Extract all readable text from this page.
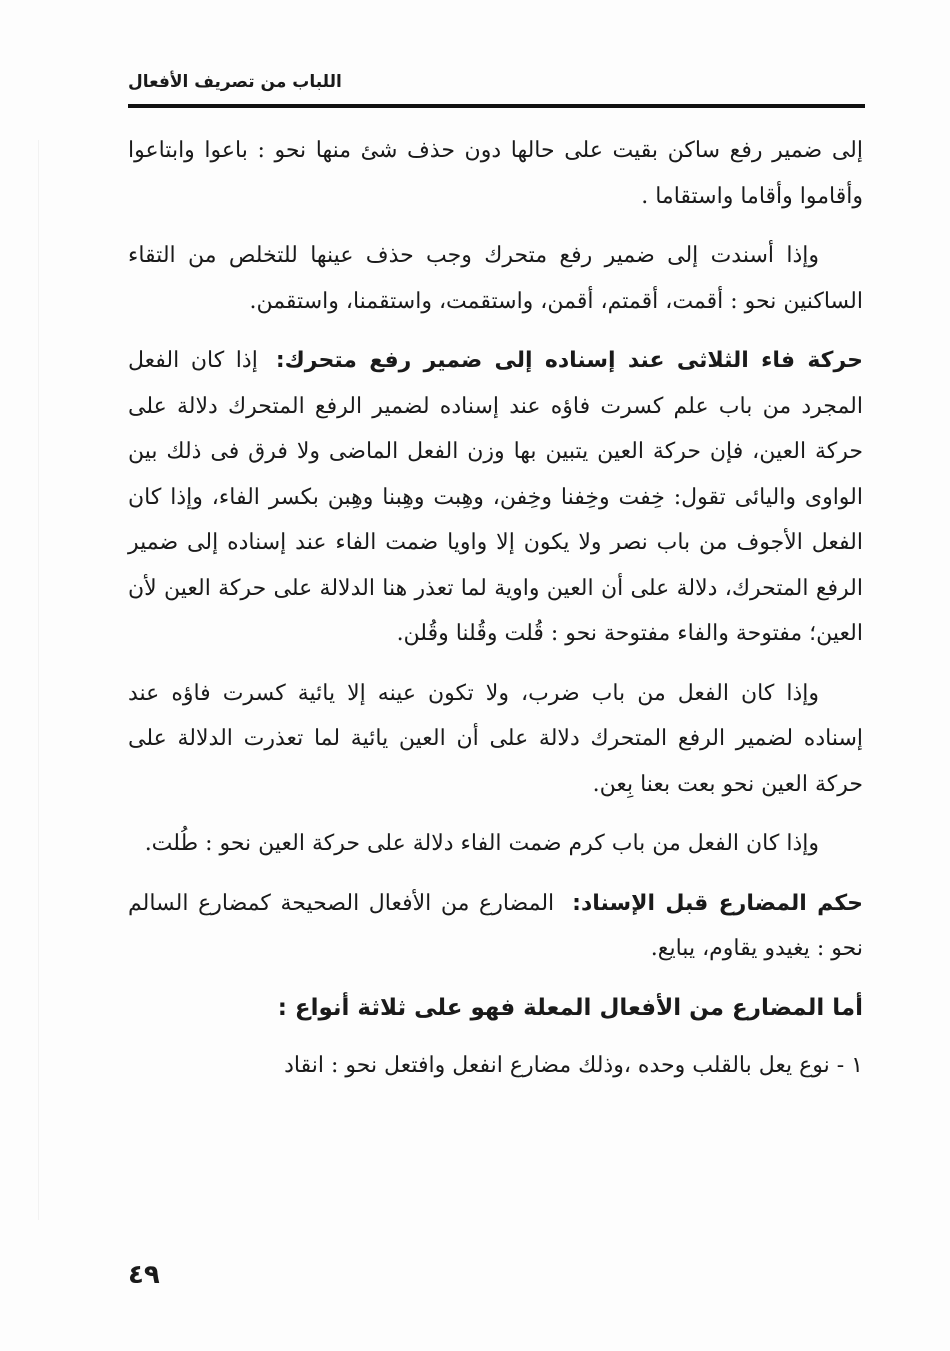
اللباب من تصريف الأفعال

إلى ضمير رفع ساكن بقيت على حالها دون حذف شئ منها نحو : باعوا وابتاعوا وأقاموا وأقاما واستقاما .

وإذا أسندت إلى ضمير رفع متحرك وجب حذف عينها للتخلص من التقاء الساكنين نحو : أقمت، أقمتم، أقمن، واستقمت، واستقمنا، واستقمن.

حركة فاء الثلاثى عند إسناده إلى ضمير رفع متحرك:إذا كان الفعل المجرد من باب علم كسرت فاؤه عند إسناده لضمير الرفع المتحرك دلالة على حركة العين، فإن حركة العين يتبين بها وزن الفعل الماضى ولا فرق فى ذلك بين الواوى واليائى تقول: خِفت وخِفنا وخِفن، وهِبت وهِبنا وهِبن بكسر الفاء، وإذا كان الفعل الأجوف من باب نصر ولا يكون إلا واويا ضمت الفاء عند إسناده إلى ضمير الرفع المتحرك، دلالة على أن العين واوية لما تعذر هنا الدلالة على حركة العين لأن العين؛ مفتوحة والفاء مفتوحة نحو : قُلت وقُلنا وقُلن.

وإذا كان الفعل من باب ضرب، ولا تكون عينه إلا يائية كسرت فاؤه عند إسناده لضمير الرفع المتحرك دلالة على أن العين يائية لما تعذرت الدلالة على حركة العين نحو بعت بعنا بِعن.

وإذا كان الفعل من باب كرم ضمت الفاء دلالة على حركة العين نحو : طُلت.

حكم المضارع قبل الإسناد:المضارع من الأفعال الصحيحة كمضارع السالم نحو : يغيدو يقاوم، يبايع.

أما المضارع من الأفعال المعلة فهو على ثلاثة أنواع :

١ - نوع يعل بالقلب وحده ،وذلك مضارع انفعل وافتعل نحو : انقاد

٤٩
